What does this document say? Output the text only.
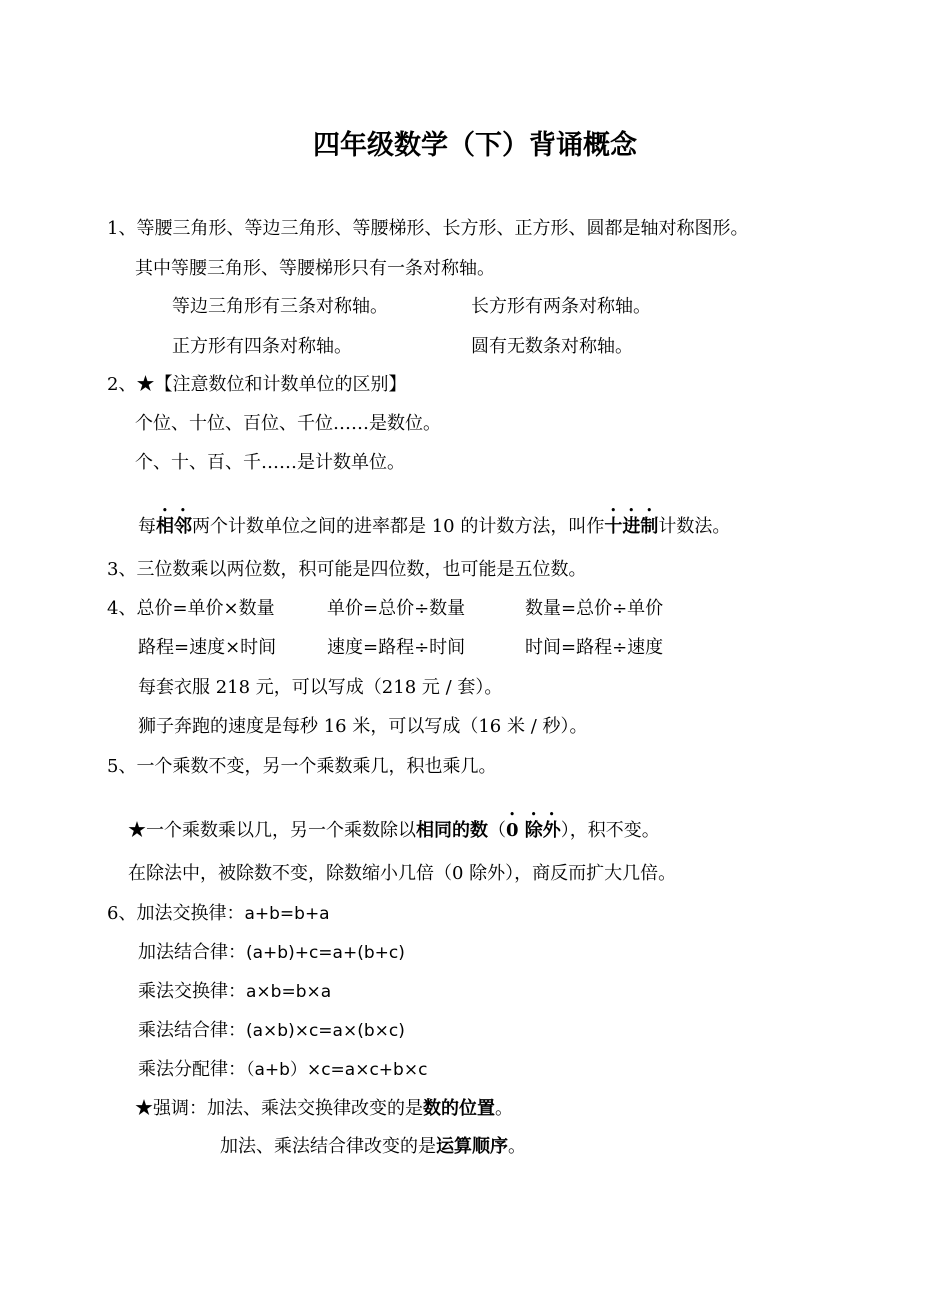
四年级数学（下）背诵概念
1、等腰三角形、等边三角形、等腰梯形、长方形、正方形、圆都是轴对称图形。
其中等腰三角形、等腰梯形只有一条对称轴。
等边三角形有三条对称轴。	长方形有两条对称轴。
正方形有四条对称轴。	圆有无数条对称轴。
2、★【注意数位和计数单位的区别】
个位、十位、百位、千位……是数位。
个、十、百、千……是计数单位。
每相邻两个计数单位之间的进率都是 10 的计数方法，叫作十进制计数法。
3、三位数乘以两位数，积可能是四位数，也可能是五位数。
4、总价=单价×数量	单价=总价÷数量	数量=总价÷单价
路程=速度×时间	速度=路程÷时间	时间=路程÷速度
每套衣服 218 元，可以写成（218 元 / 套）。
狮子奔跑的速度是每秒 16 米，可以写成（16 米 / 秒）。
5、一个乘数不变，另一个乘数乘几，积也乘几。
★一个乘数乘以几，另一个乘数除以相同的数（0 除外），积不变。
在除法中，被除数不变，除数缩小几倍（0 除外），商反而扩大几倍。
6、加法交换律：a+b=b+a
加法结合律：(a+b)+c=a+(b+c)
乘法交换律：a×b=b×a
乘法结合律：(a×b)×c=a×(b×c)
乘法分配律：（a+b）×c=a×c+b×c
★强调：加法、乘法交换律改变的是数的位置。
加法、乘法结合律改变的是运算顺序。
